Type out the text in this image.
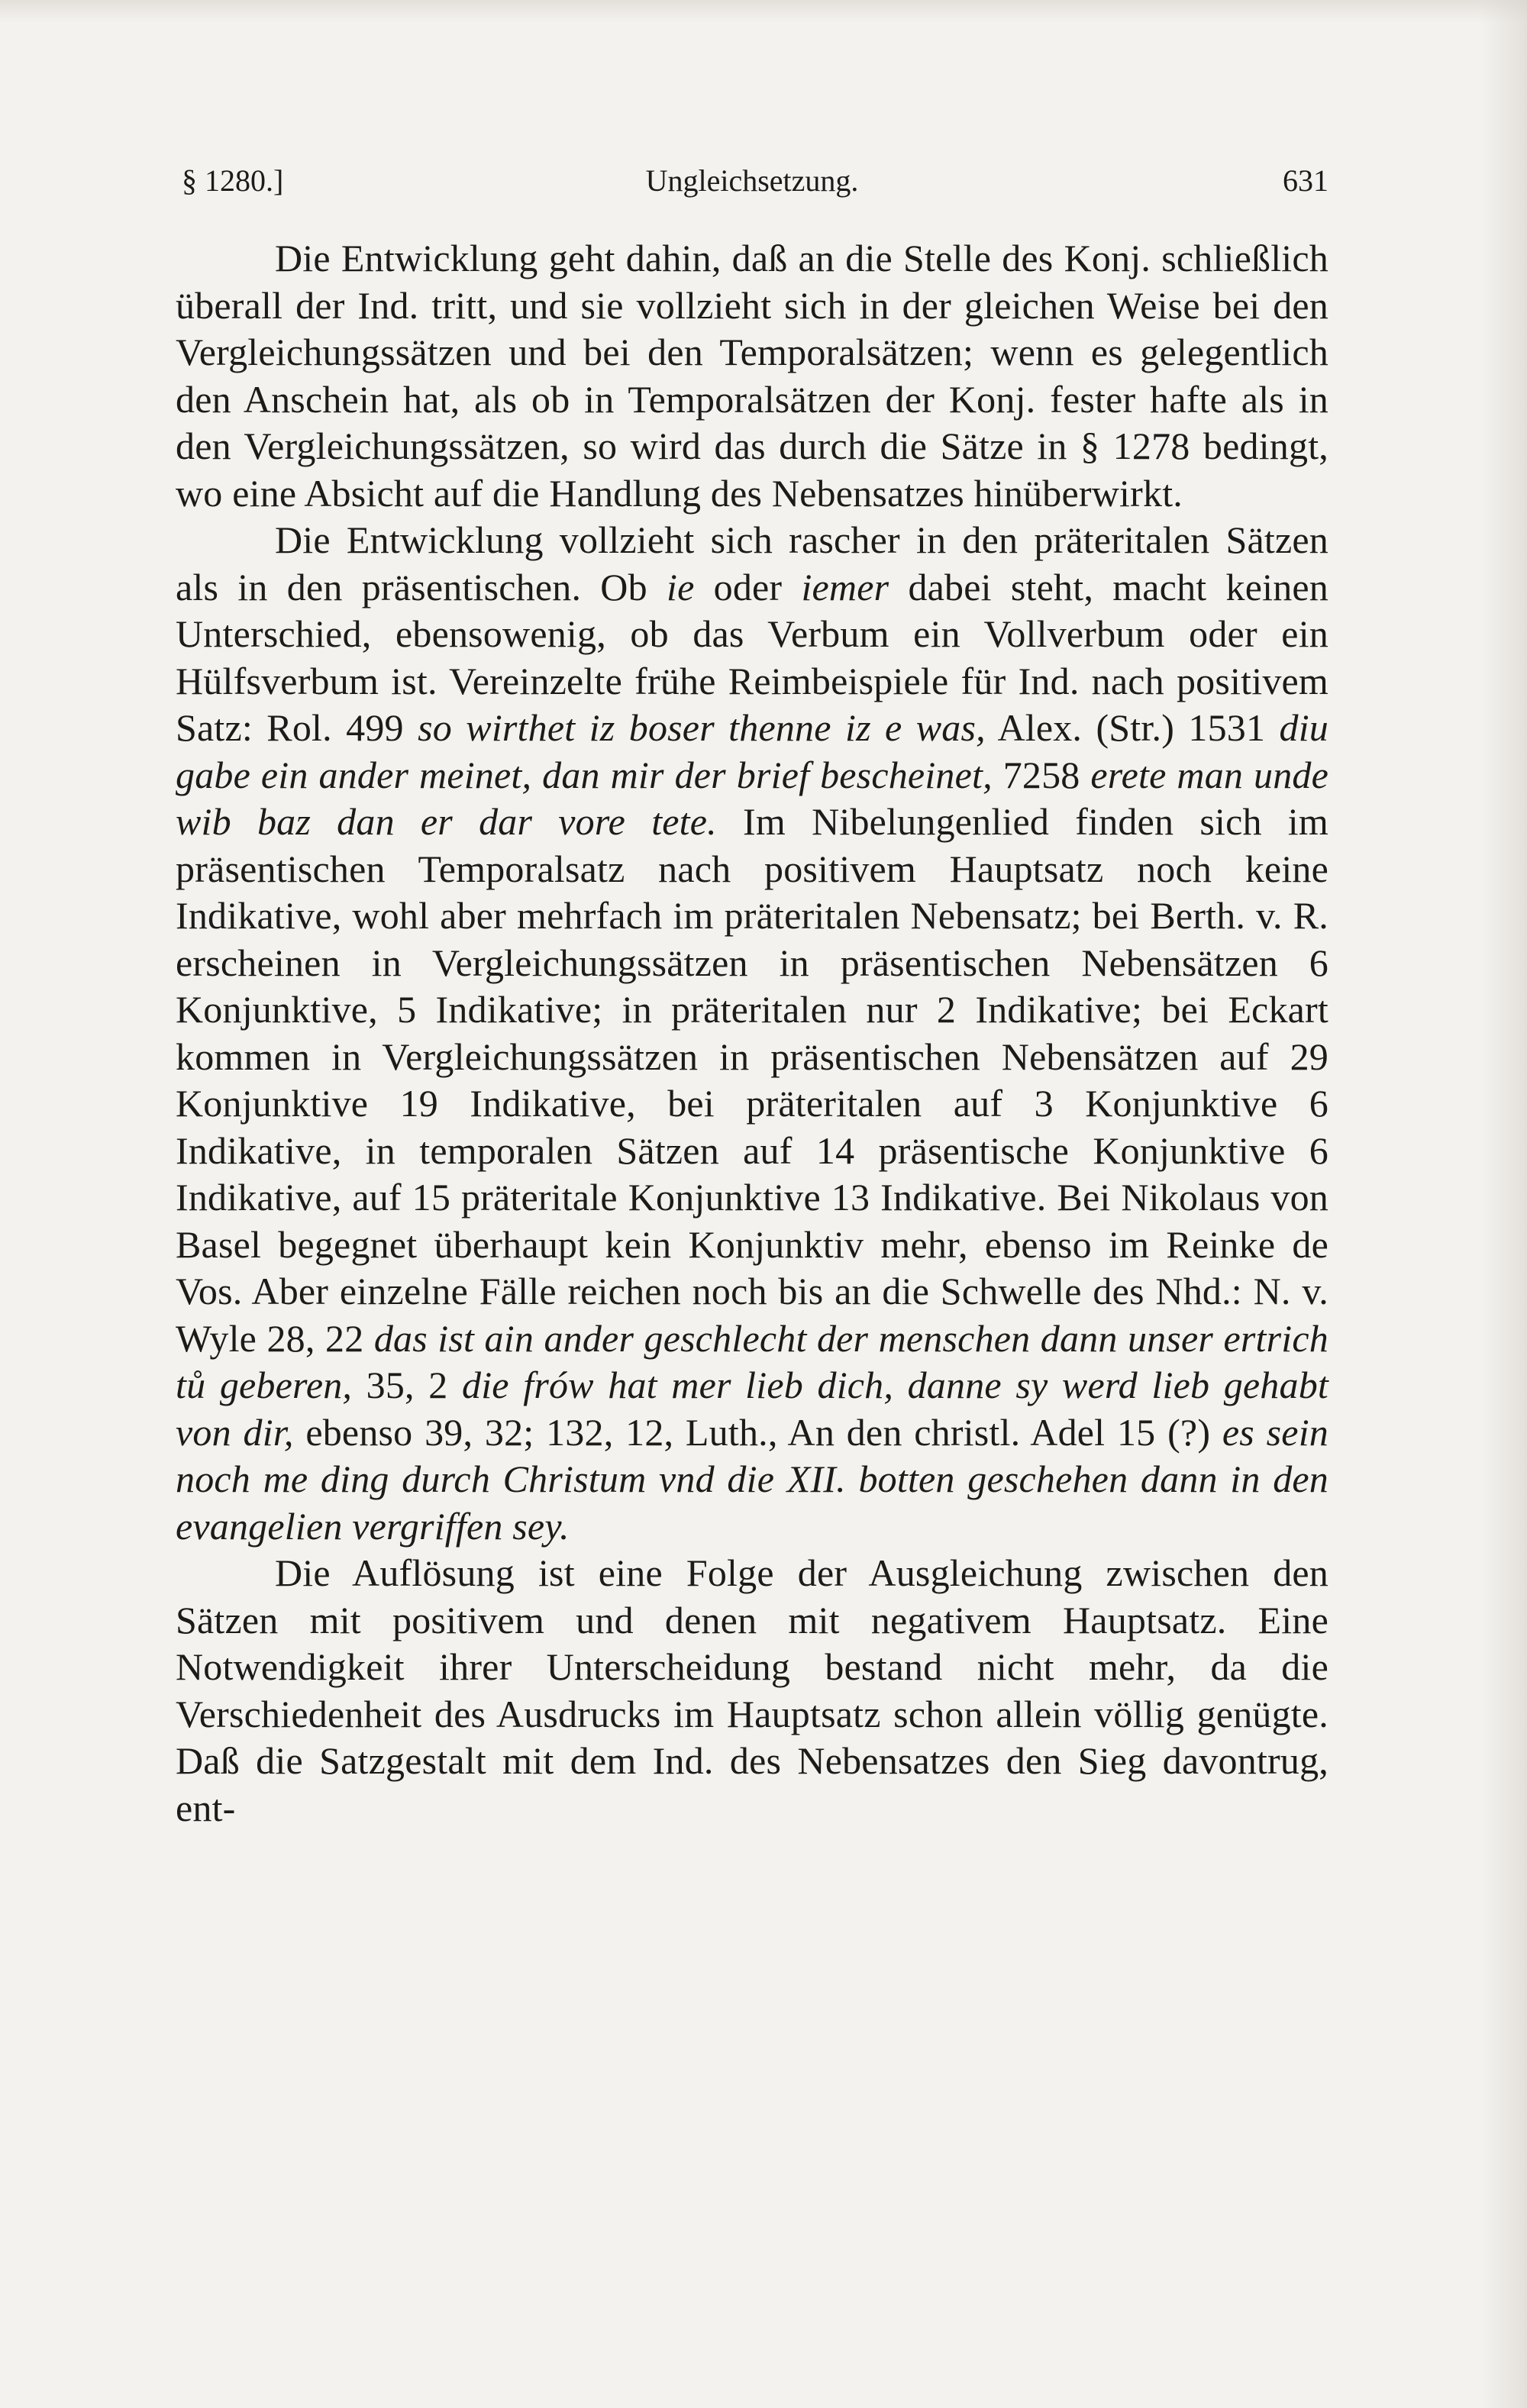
§ 1280.]	Ungleichsetzung.	631

Die Entwicklung geht dahin, daß an die Stelle des Konj. schließlich überall der Ind. tritt, und sie vollzieht sich in der gleichen Weise bei den Vergleichungssätzen und bei den Temporalsätzen; wenn es gelegentlich den Anschein hat, als ob in Temporalsätzen der Konj. fester hafte als in den Vergleichungssätzen, so wird das durch die Sätze in § 1278 bedingt, wo eine Absicht auf die Handlung des Nebensatzes hinüberwirkt.

Die Entwicklung vollzieht sich rascher in den präteritalen Sätzen als in den präsentischen. Ob ie oder iemer dabei steht, macht keinen Unterschied, ebensowenig, ob das Verbum ein Vollverbum oder ein Hülfsverbum ist. Vereinzelte frühe Reimbeispiele für Ind. nach positivem Satz: Rol. 499 so wirthet iz boser thenne iz e was, Alex. (Str.) 1531 diu gabe ein ander meinet, dan mir der brief bescheinet, 7258 erete man unde wib baz dan er dar vore tete. Im Nibelungenlied finden sich im präsentischen Temporalsatz nach positivem Hauptsatz noch keine Indikative, wohl aber mehrfach im präteritalen Nebensatz; bei Berth. v. R. erscheinen in Vergleichungssätzen in präsentischen Nebensätzen 6 Konjunktive, 5 Indikative; in präteritalen nur 2 Indikative; bei Eckart kommen in Vergleichungssätzen in präsentischen Nebensätzen auf 29 Konjunktive 19 Indikative, bei präteritalen auf 3 Konjunktive 6 Indikative, in temporalen Sätzen auf 14 präsentische Konjunktive 6 Indikative, auf 15 präteritale Konjunktive 13 Indikative. Bei Nikolaus von Basel begegnet überhaupt kein Konjunktiv mehr, ebenso im Reinke de Vos. Aber einzelne Fälle reichen noch bis an die Schwelle des Nhd.: N. v. Wyle 28, 22 das ist ain ander geschlecht der menschen dann unser ertrich tů geberen, 35, 2 die frów hat mer lieb dich, danne sy werd lieb gehabt von dir, ebenso 39, 32; 132, 12, Luth., An den christl. Adel 15 (?) es sein noch me ding durch Christum vnd die XII. botten geschehen dann in den evangelien vergriffen sey.

Die Auflösung ist eine Folge der Ausgleichung zwischen den Sätzen mit positivem und denen mit negativem Hauptsatz. Eine Notwendigkeit ihrer Unterscheidung bestand nicht mehr, da die Verschiedenheit des Ausdrucks im Hauptsatz schon allein völlig genügte. Daß die Satzgestalt mit dem Ind. des Nebensatzes den Sieg davontrug, ent-
